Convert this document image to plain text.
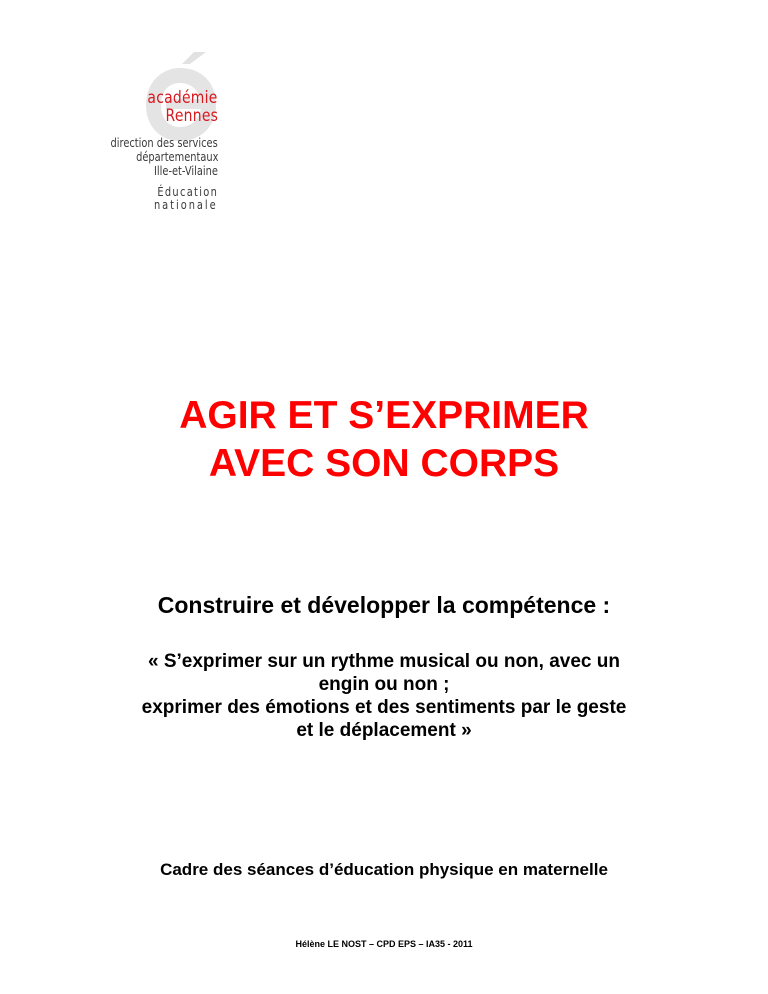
académie
Rennes
direction des services
départementaux
Ille-et-Vilaine
Éducation
nationale
AGIR ET S’EXPRIMER
AVEC SON CORPS
Construire et développer la compétence :
« S’exprimer sur un rythme musical ou non, avec un
engin ou non ;
exprimer des émotions et des sentiments par le geste
et le déplacement »
Cadre des séances d’éducation physique en maternelle
Hélène LE NOST – CPD EPS – IA35 - 2011
